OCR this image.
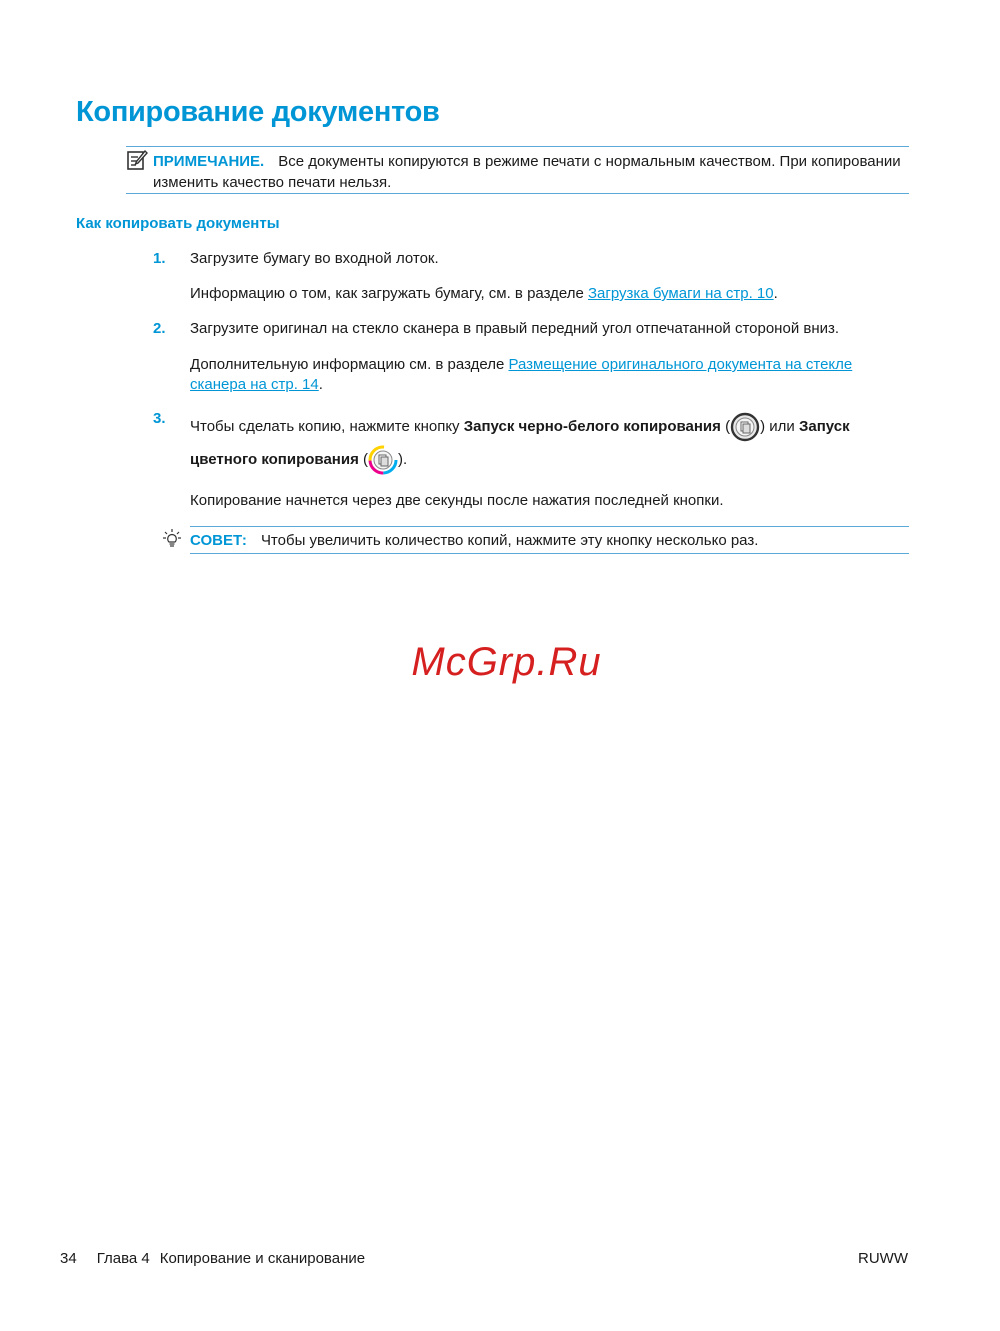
Копирование документов
ПРИМЕЧАНИЕ. Все документы копируются в режиме печати с нормальным качеством. При копировании изменить качество печати нельзя.
Как копировать документы
1. Загрузите бумагу во входной лоток.
Информацию о том, как загружать бумагу, см. в разделе Загрузка бумаги на стр. 10.
2. Загрузите оригинал на стекло сканера в правый передний угол отпечатанной стороной вниз.
Дополнительную информацию см. в разделе Размещение оригинального документа на стекле сканера на стр. 14.
3. Чтобы сделать копию, нажмите кнопку Запуск черно-белого копирования ( ) или Запуск цветного копирования ( ).
Копирование начнется через две секунды после нажатия последней кнопки.
СОВЕТ: Чтобы увеличить количество копий, нажмите эту кнопку несколько раз.
McGrp.Ru
34 Глава 4 Копирование и сканирование	RUWW
